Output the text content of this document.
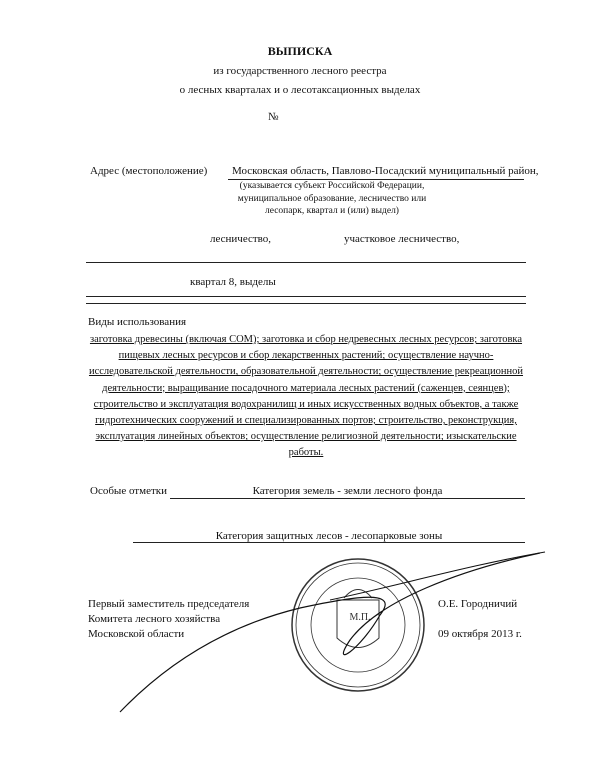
ВЫПИСКА
из государственного лесного реестра
о лесных кварталах и о лесотаксационных выделах
№
Адрес (местоположение) Московская область, Павлово-Посадский муниципальный район,
(указывается субъект Российской Федерации,
муниципальное образование, лесничество или
лесопарк, квартал и (или) выдел)
лесничество,	участковое лесничество,
квартал 8, выделы
Виды использования
заготовка древесины (включая СОМ); заготовка и сбор недревесных лесных ресурсов; заготовка пищевых лесных ресурсов и сбор лекарственных растений; осуществление научно-исследовательской деятельности, образовательной деятельности; осуществление рекреационной деятельности; выращивание посадочного материала лесных растений (саженцев, сеянцев); строительство и эксплуатация водохранилищ и иных искусственных водных объектов, а также гидротехнических сооружений и специализированных портов; строительство, реконструкция, эксплуатация линейных объектов; осуществление религиозной деятельности; изыскательские работы.
Особые отметки	Категория земель - земли лесного фонда
Категория защитных лесов - лесопарковые зоны
Первый заместитель председателя
Комитета лесного хозяйства
Московской области
О.Е. Городничий
09 октября 2013 г.
М.П.
